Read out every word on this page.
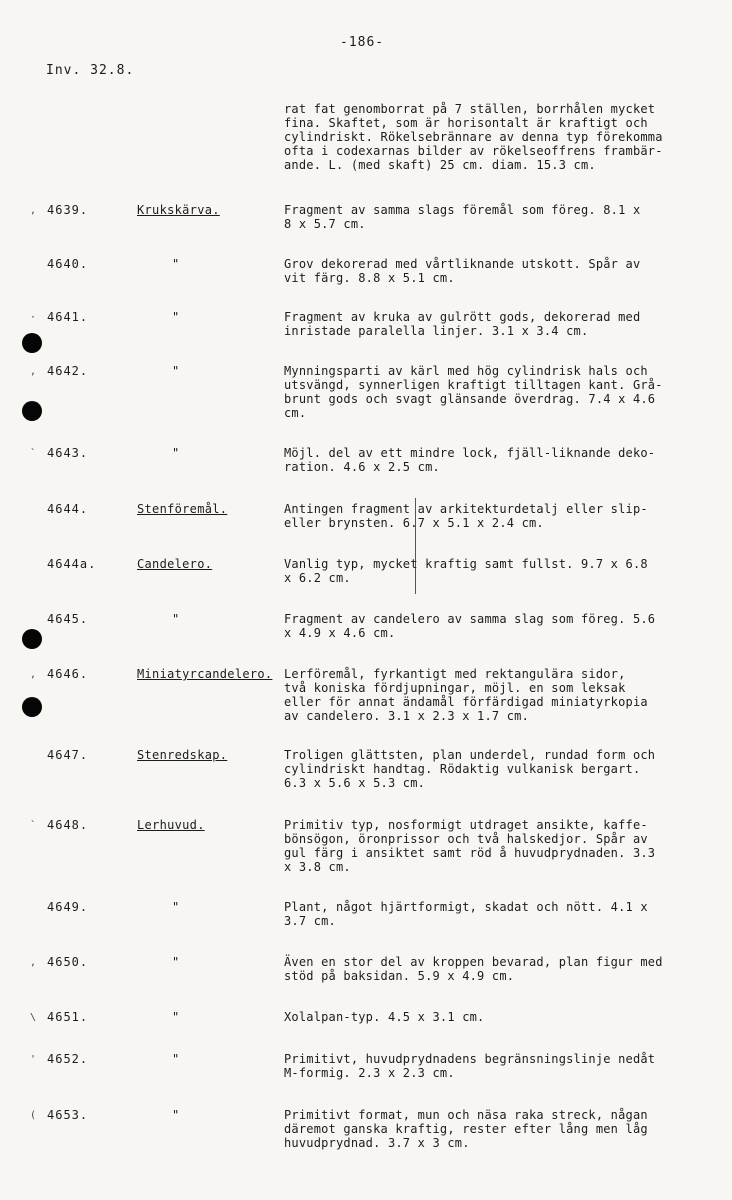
-186-
Inv. 32.8.
rat fat genomborrat på 7 ställen, borrhålen mycket
fina. Skaftet, som är horisontalt är kraftigt och
cylindriskt. Rökelsebrännare av denna typ förekomma
ofta i codexarnas bilder av rökelseoffrens frambär-
ande. L. (med skaft) 25 cm. diam. 15.3 cm.
, 4639.	Krukskärva.	Fragment av samma slags föremål som föreg. 8.1 x
8 x 5.7 cm.
4640.	"	Grov dekorerad med vårtliknande utskott. Spår av
vit färg. 8.8 x 5.1 cm.
· 4641.	"	Fragment av kruka av gulrött gods, dekorerad med
inristade paralella linjer. 3.1 x 3.4 cm.
, 4642.	"	Mynningsparti av kärl med hög cylindrisk hals och
utsvängd, synnerligen kraftigt tilltagen kant. Grå-
brunt gods och svagt glänsande överdrag. 7.4 x 4.6
cm.
` 4643.	"	Möjl. del av ett mindre lock, fjäll-liknande deko-
ration. 4.6 x 2.5 cm.
4644.	Stenföremål.	Antingen fragment av arkitekturdetalj eller slip-
eller brynsten. 6.7 x 5.1 x 2.4 cm.
4644a.	Candelero.	Vanlig typ, mycket kraftig samt fullst. 9.7 x 6.8
x 6.2 cm.
4645.	"	Fragment av candelero av samma slag som föreg. 5.6
x 4.9 x 4.6 cm.
, 4646.	Miniatyrcandelero. Lerföremål, fyrkantigt med rektangulära sidor,
två koniska fördjupningar, möjl. en som leksak
eller för annat ändamål förfärdigad miniatyrkopia
av candelero. 3.1 x 2.3 x 1.7 cm.
4647.	Stenredskap.	Troligen glättsten, plan underdel, rundad form och
cylindriskt handtag. Rödaktig vulkanisk bergart.
6.3 x 5.6 x 5.3 cm.
` 4648.	Lerhuvud.	Primitiv typ, nosformigt utdraget ansikte, kaffe-
bönsögon, öronprissor och två halskedjor. Spår av
gul färg i ansiktet samt röd å huvudprydnaden. 3.3
x 3.8 cm.
4649.	"	Plant, något hjärtformigt, skadat och nött. 4.1 x
3.7 cm.
, 4650.	"	Även en stor del av kroppen bevarad, plan figur med
stöd på baksidan. 5.9 x 4.9 cm.
\ 4651.	"	Xolalpan-typ. 4.5 x 3.1 cm.
' 4652.	"	Primitivt, huvudprydnadens begränsningslinje nedåt
M-formig. 2.3 x 2.3 cm.
( 4653.	"	Primitivt format, mun och näsa raka streck, någan
däremot ganska kraftig, rester efter lång men låg
huvudprydnad. 3.7 x 3 cm.
